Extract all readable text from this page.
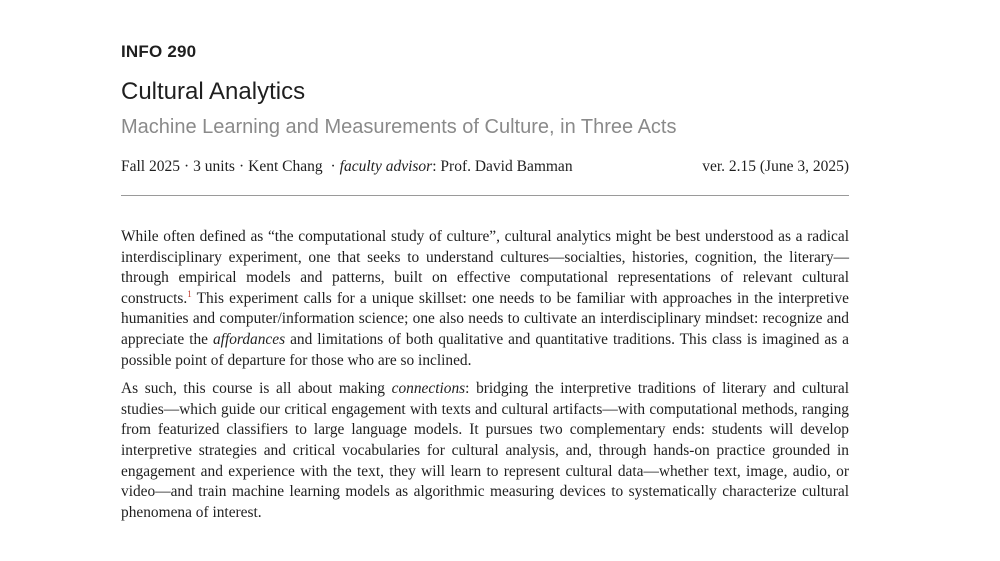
INFO 290
Cultural Analytics
Machine Learning and Measurements of Culture, in Three Acts
Fall 2025 · 3 units · Kent Chang · faculty advisor: Prof. David Bamman	ver. 2.15 (June 3, 2025)

While often defined as “the computational study of culture”, cultural analytics might be best understood as a radical interdisciplinary experiment, one that seeks to understand cultures—socialties, histories, cognition, the literary—through empirical models and patterns, built on effective computational representations of relevant cultural constructs.$^1$ This experiment calls for a unique skillset: one needs to be familiar with approaches in the interpretive humanities and computer/information science; one also needs to cultivate an interdisciplinary mindset: recognize and appreciate the affordances and limitations of both qualitative and quantitative traditions. This class is imagined as a possible point of departure for those who are so inclined.

As such, this course is all about making connections: bridging the interpretive traditions of literary and cultural studies—which guide our critical engagement with texts and cultural artifacts—with computational methods, ranging from featurized classifiers to large language models. It pursues two complementary ends: students will develop interpretive strategies and critical vocabularies for cultural analysis, and, through hands-on practice grounded in engagement and experience with the text, they will learn to represent cultural data—whether text, image, audio, or video—and train machine learning models as algorithmic measuring devices to systematically characterize cultural phenomena of interest.
